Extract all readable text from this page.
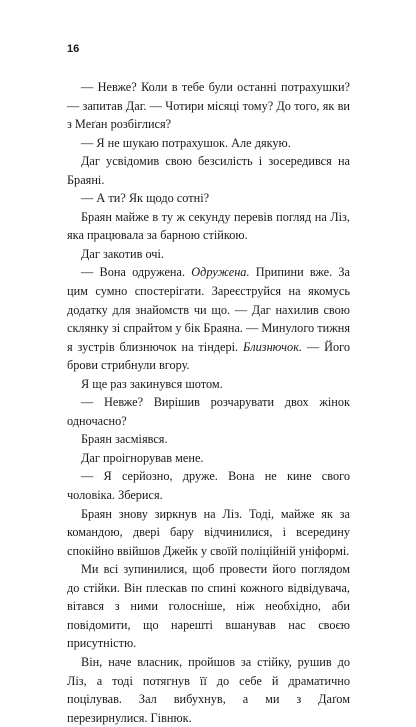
16

— Невже? Коли в тебе були останні потрахушки? — запитав Даг. — Чотири місяці тому? До того, як ви з Меґан розбіглися?

— Я не шукаю потрахушок. Але дякую.

Даг усвідомив свою безсилість і зосередився на Браяні.

— А ти? Як щодо сотні?

Браян майже в ту ж секунду перевів погляд на Ліз, яка працювала за барною стійкою.

Даг закотив очі.

— Вона одружена. Одружена. Припини вже. За цим сумно спостерігати. Зареєструйся на якомусь додатку для знайомств чи що. — Даг нахилив свою склянку зі спрайтом у бік Браяна. — Минулого тижня я зустрів близнючок на тіндері. Близнючок. — Його брови стрибнули вгору.

Я ще раз закинувся шотом.

— Невже? Вирішив розчарувати двох жінок одночасно?

Браян засміявся.

Даг проігнорував мене.

— Я серйозно, друже. Вона не кине свого чоловіка. Зберися.

Браян знову зиркнув на Ліз. Тоді, майже як за командою, двері бару відчинилися, і всередину спокійно ввійшов Джейк у своїй поліційній уніформі.

Ми всі зупинилися, щоб провести його поглядом до стійки. Він плескав по спині кожного відвідувача, вітався з ними голосніше, ніж необхідно, аби повідомити, що нарешті вшанував нас своєю присутністю.

Він, наче власник, пройшов за стійку, рушив до Ліз, а тоді потягнув її до себе й драматично поцілував. Зал вибухнув, а ми з Даґом перезирнулися. Гівнюк.
